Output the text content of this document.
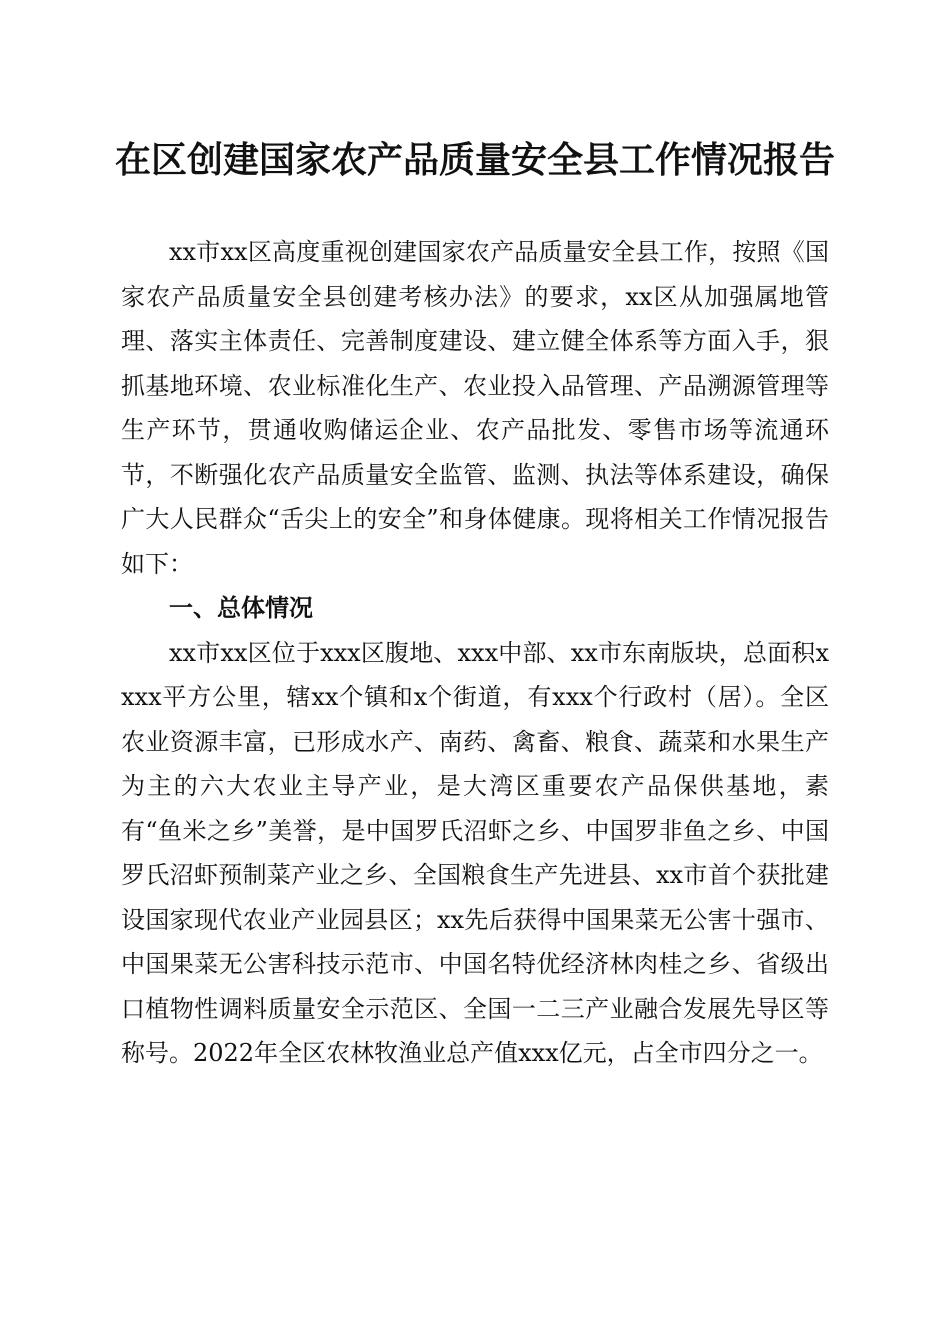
在区创建国家农产品质量安全县工作情况报告

xx市xx区高度重视创建国家农产品质量安全县工作，按照《国家农产品质量安全县创建考核办法》的要求，xx区从加强属地管理、落实主体责任、完善制度建设、建立健全体系等方面入手，狠抓基地环境、农业标准化生产、农业投入品管理、产品溯源管理等生产环节，贯通收购储运企业、农产品批发、零售市场等流通环节，不断强化农产品质量安全监管、监测、执法等体系建设，确保广大人民群众“舌尖上的安全”和身体健康。现将相关工作情况报告如下：

一、总体情况

xx市xx区位于xxx区腹地、xxx中部、xx市东南版块，总面积xxxx平方公里，辖xx个镇和x个街道，有xxx个行政村（居）。全区农业资源丰富，已形成水产、南药、禽畜、粮食、蔬菜和水果生产为主的六大农业主导产业，是大湾区重要农产品保供基地，素有“鱼米之乡”美誉，是中国罗氏沼虾之乡、中国罗非鱼之乡、中国罗氏沼虾预制菜产业之乡、全国粮食生产先进县、xx市首个获批建设国家现代农业产业园县区；xx先后获得中国果菜无公害十强市、中国果菜无公害科技示范市、中国名特优经济林肉桂之乡、省级出口植物性调料质量安全示范区、全国一二三产业融合发展先导区等称号。2022年全区农林牧渔业总产值xxx亿元，占全市四分之一。
